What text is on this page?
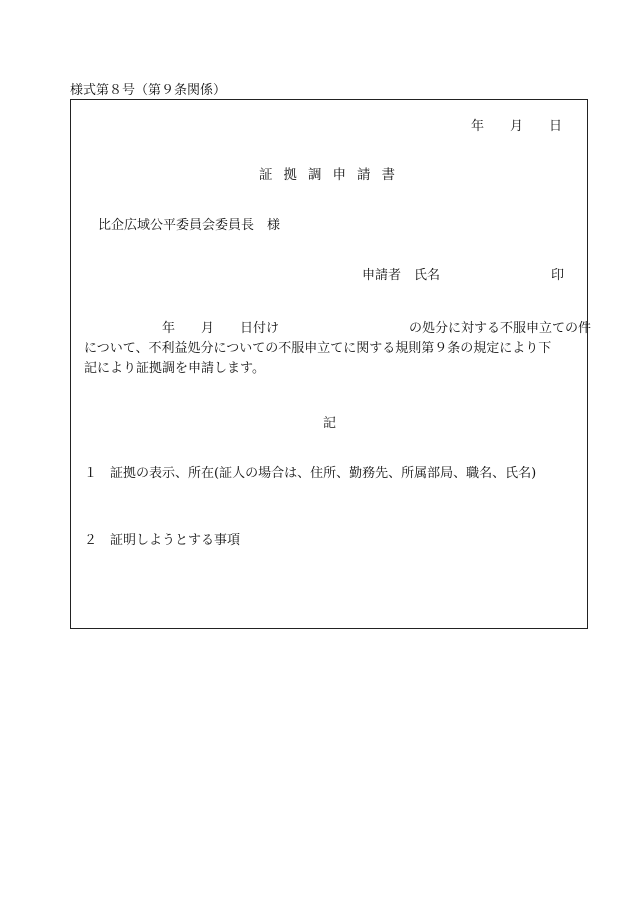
様式第８号（第９条関係）
年　　月　　日
証拠調申請書
比企広域公平委員会委員長　様
申請者　氏名	印
　　　　　　年　　月　　日付け　　　　　　　　　　の処分に対する不服申立ての件
について、不利益処分についての不服申立てに関する規則第９条の規定により下
記により証拠調を申請します。
記
１　 証拠の表示、所在(証人の場合は、住所、勤務先、所属部局、職名、氏名)
２　 証明しようとする事項
